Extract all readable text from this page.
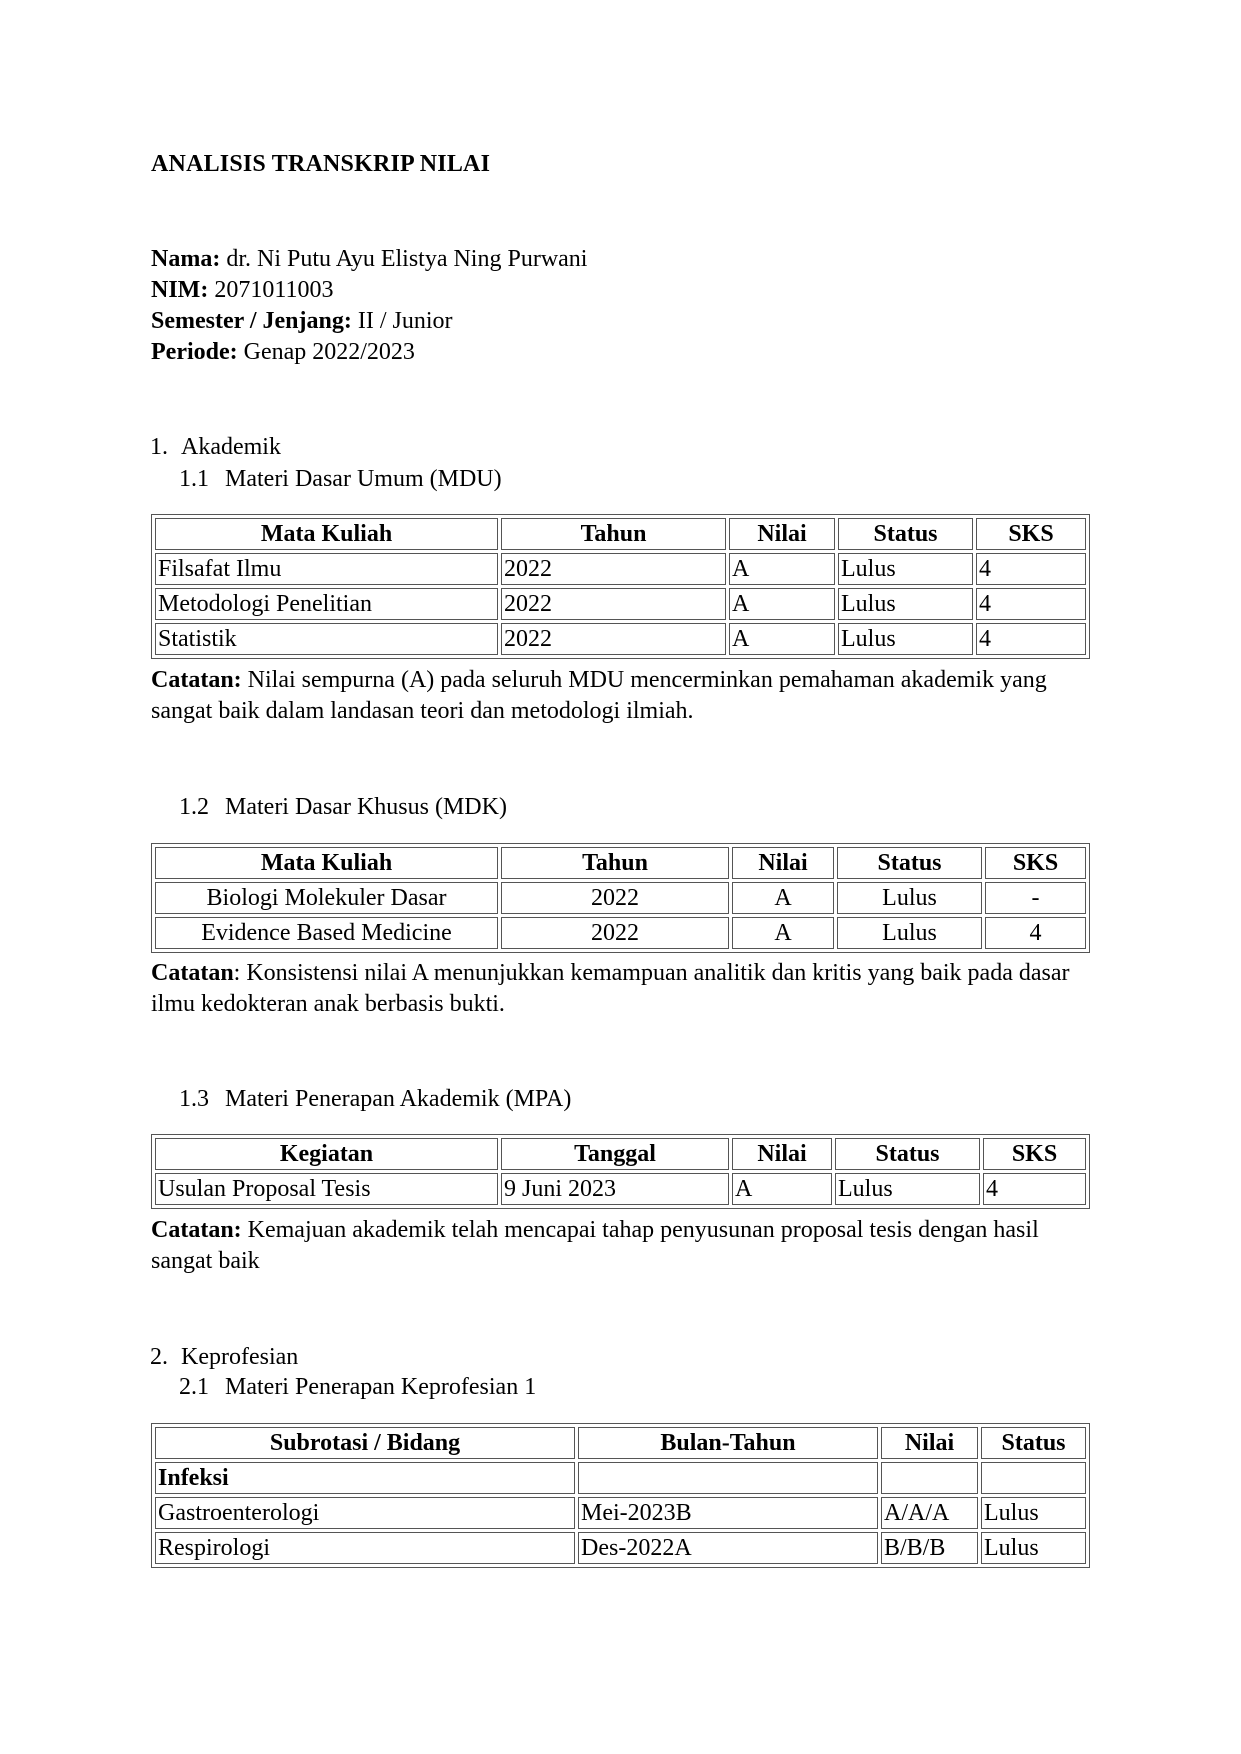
ANALISIS TRANSKRIP NILAI
Nama: dr. Ni Putu Ayu Elistya Ning Purwani
NIM: 2071011003
Semester / Jenjang: II / Junior
Periode: Genap 2022/2023
1. Akademik
1.1 Materi Dasar Umum (MDU)
Mata Kuliah	Tahun	Nilai	Status	SKS
Filsafat Ilmu	2022	A	Lulus	4
Metodologi Penelitian	2022	A	Lulus	4
Statistik	2022	A	Lulus	4
Catatan: Nilai sempurna (A) pada seluruh MDU mencerminkan pemahaman akademik yang sangat baik dalam landasan teori dan metodologi ilmiah.
1.2 Materi Dasar Khusus (MDK)
Mata Kuliah	Tahun	Nilai	Status	SKS
Biologi Molekuler Dasar	2022	A	Lulus	-
Evidence Based Medicine	2022	A	Lulus	4
Catatan: Konsistensi nilai A menunjukkan kemampuan analitik dan kritis yang baik pada dasar ilmu kedokteran anak berbasis bukti.
1.3 Materi Penerapan Akademik (MPA)
Kegiatan	Tanggal	Nilai	Status	SKS
Usulan Proposal Tesis	9 Juni 2023	A	Lulus	4
Catatan: Kemajuan akademik telah mencapai tahap penyusunan proposal tesis dengan hasil sangat baik
2. Keprofesian
2.1 Materi Penerapan Keprofesian 1
Subrotasi / Bidang	Bulan-Tahun	Nilai	Status
Infeksi			
Gastroenterologi	Mei-2023B	A/A/A	Lulus
Respirologi	Des-2022A	B/B/B	Lulus
